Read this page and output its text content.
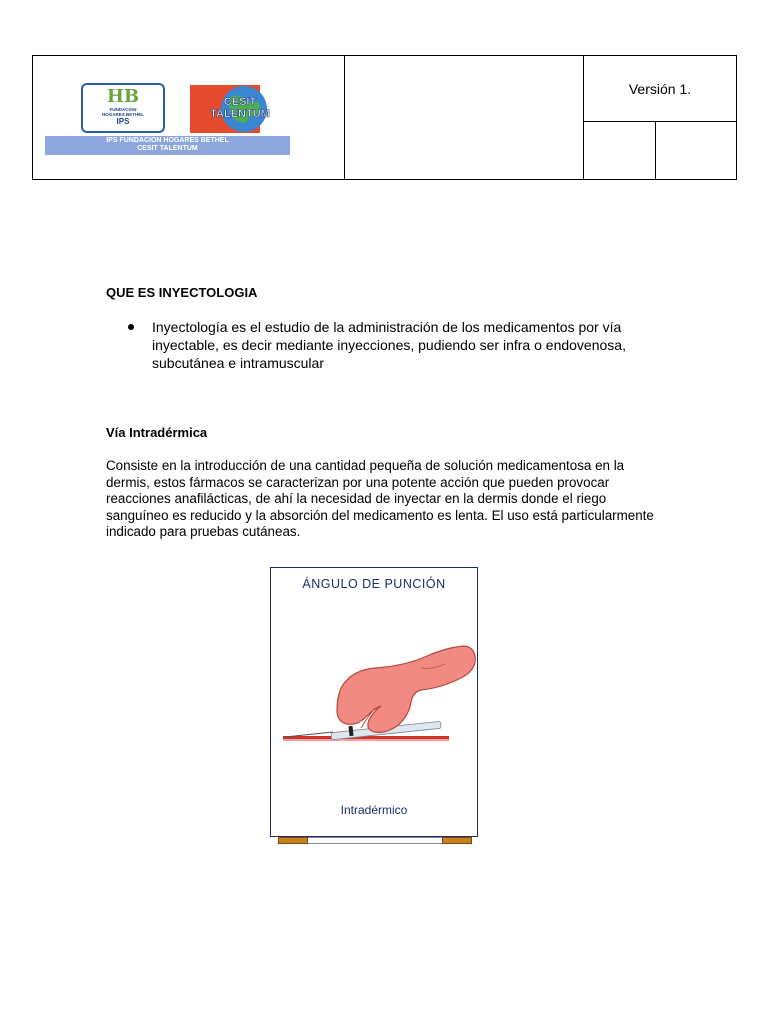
HB
FUNDACION
HOGARES BETHEL
IPS
CESIT
TALENTUM
IPS FUNDACION HOGARES BETHEL
CESIT TALENTUM
Versión 1.
QUE ES INYECTOLOGIA
Inyectología es el estudio de la administración de los medicamentos por vía inyectable, es decir mediante inyecciones, pudiendo ser infra o endovenosa, subcutánea e intramuscular
Vía Intradérmica

Consiste en la introducción de una cantidad pequeña de solución medicamentosa en la dermis, estos fármacos se caracterizan por una potente acción que pueden provocar reacciones anafilácticas, de ahí la necesidad de inyectar en la dermis donde el riego sanguíneo es reducido y la absorción del medicamento es lenta. El uso está particularmente indicado para pruebas cutáneas.

ÁNGULO DE PUNCIÓN
Intradérmico
